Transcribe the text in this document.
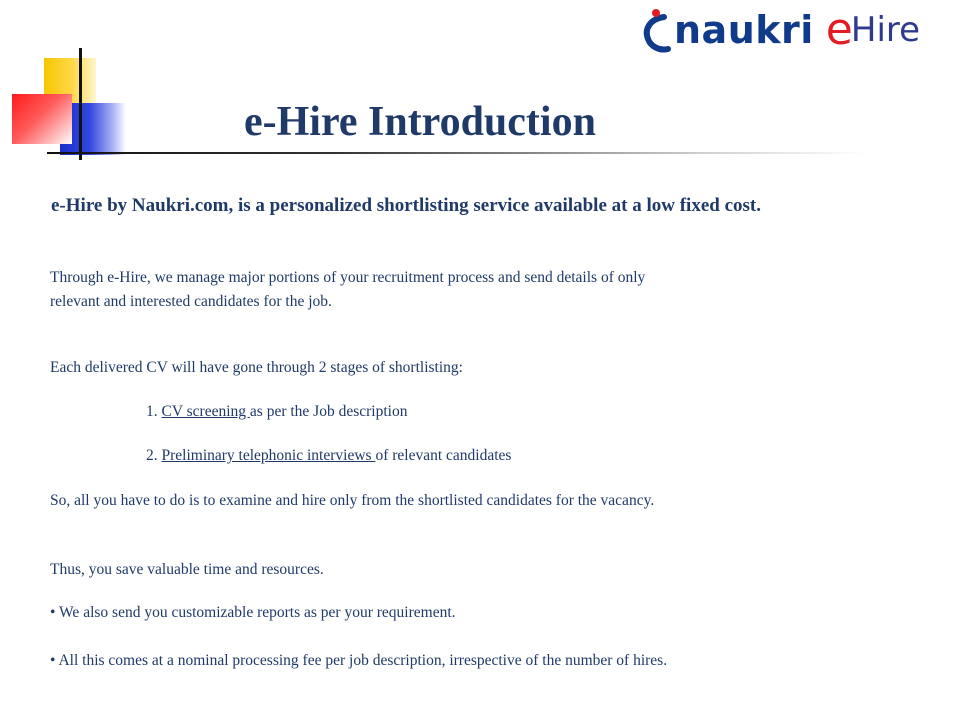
naukri e
Hire
e-Hire Introduction

e-Hire by Naukri.com, is a personalized shortlisting service available at a low fixed cost.

Through e-Hire, we manage major portions of your recruitment process and send details of only
relevant and interested candidates for the job.

Each delivered CV will have gone through 2 stages of shortlisting:

1. CV screening as per the Job description

2. Preliminary telephonic interviews of relevant candidates

So, all you have to do is to examine and hire only from the shortlisted candidates for the vacancy.

Thus, you save valuable time and resources.

• We also send you customizable reports as per your requirement.

• All this comes at a nominal processing fee per job description, irrespective of the number of hires.
